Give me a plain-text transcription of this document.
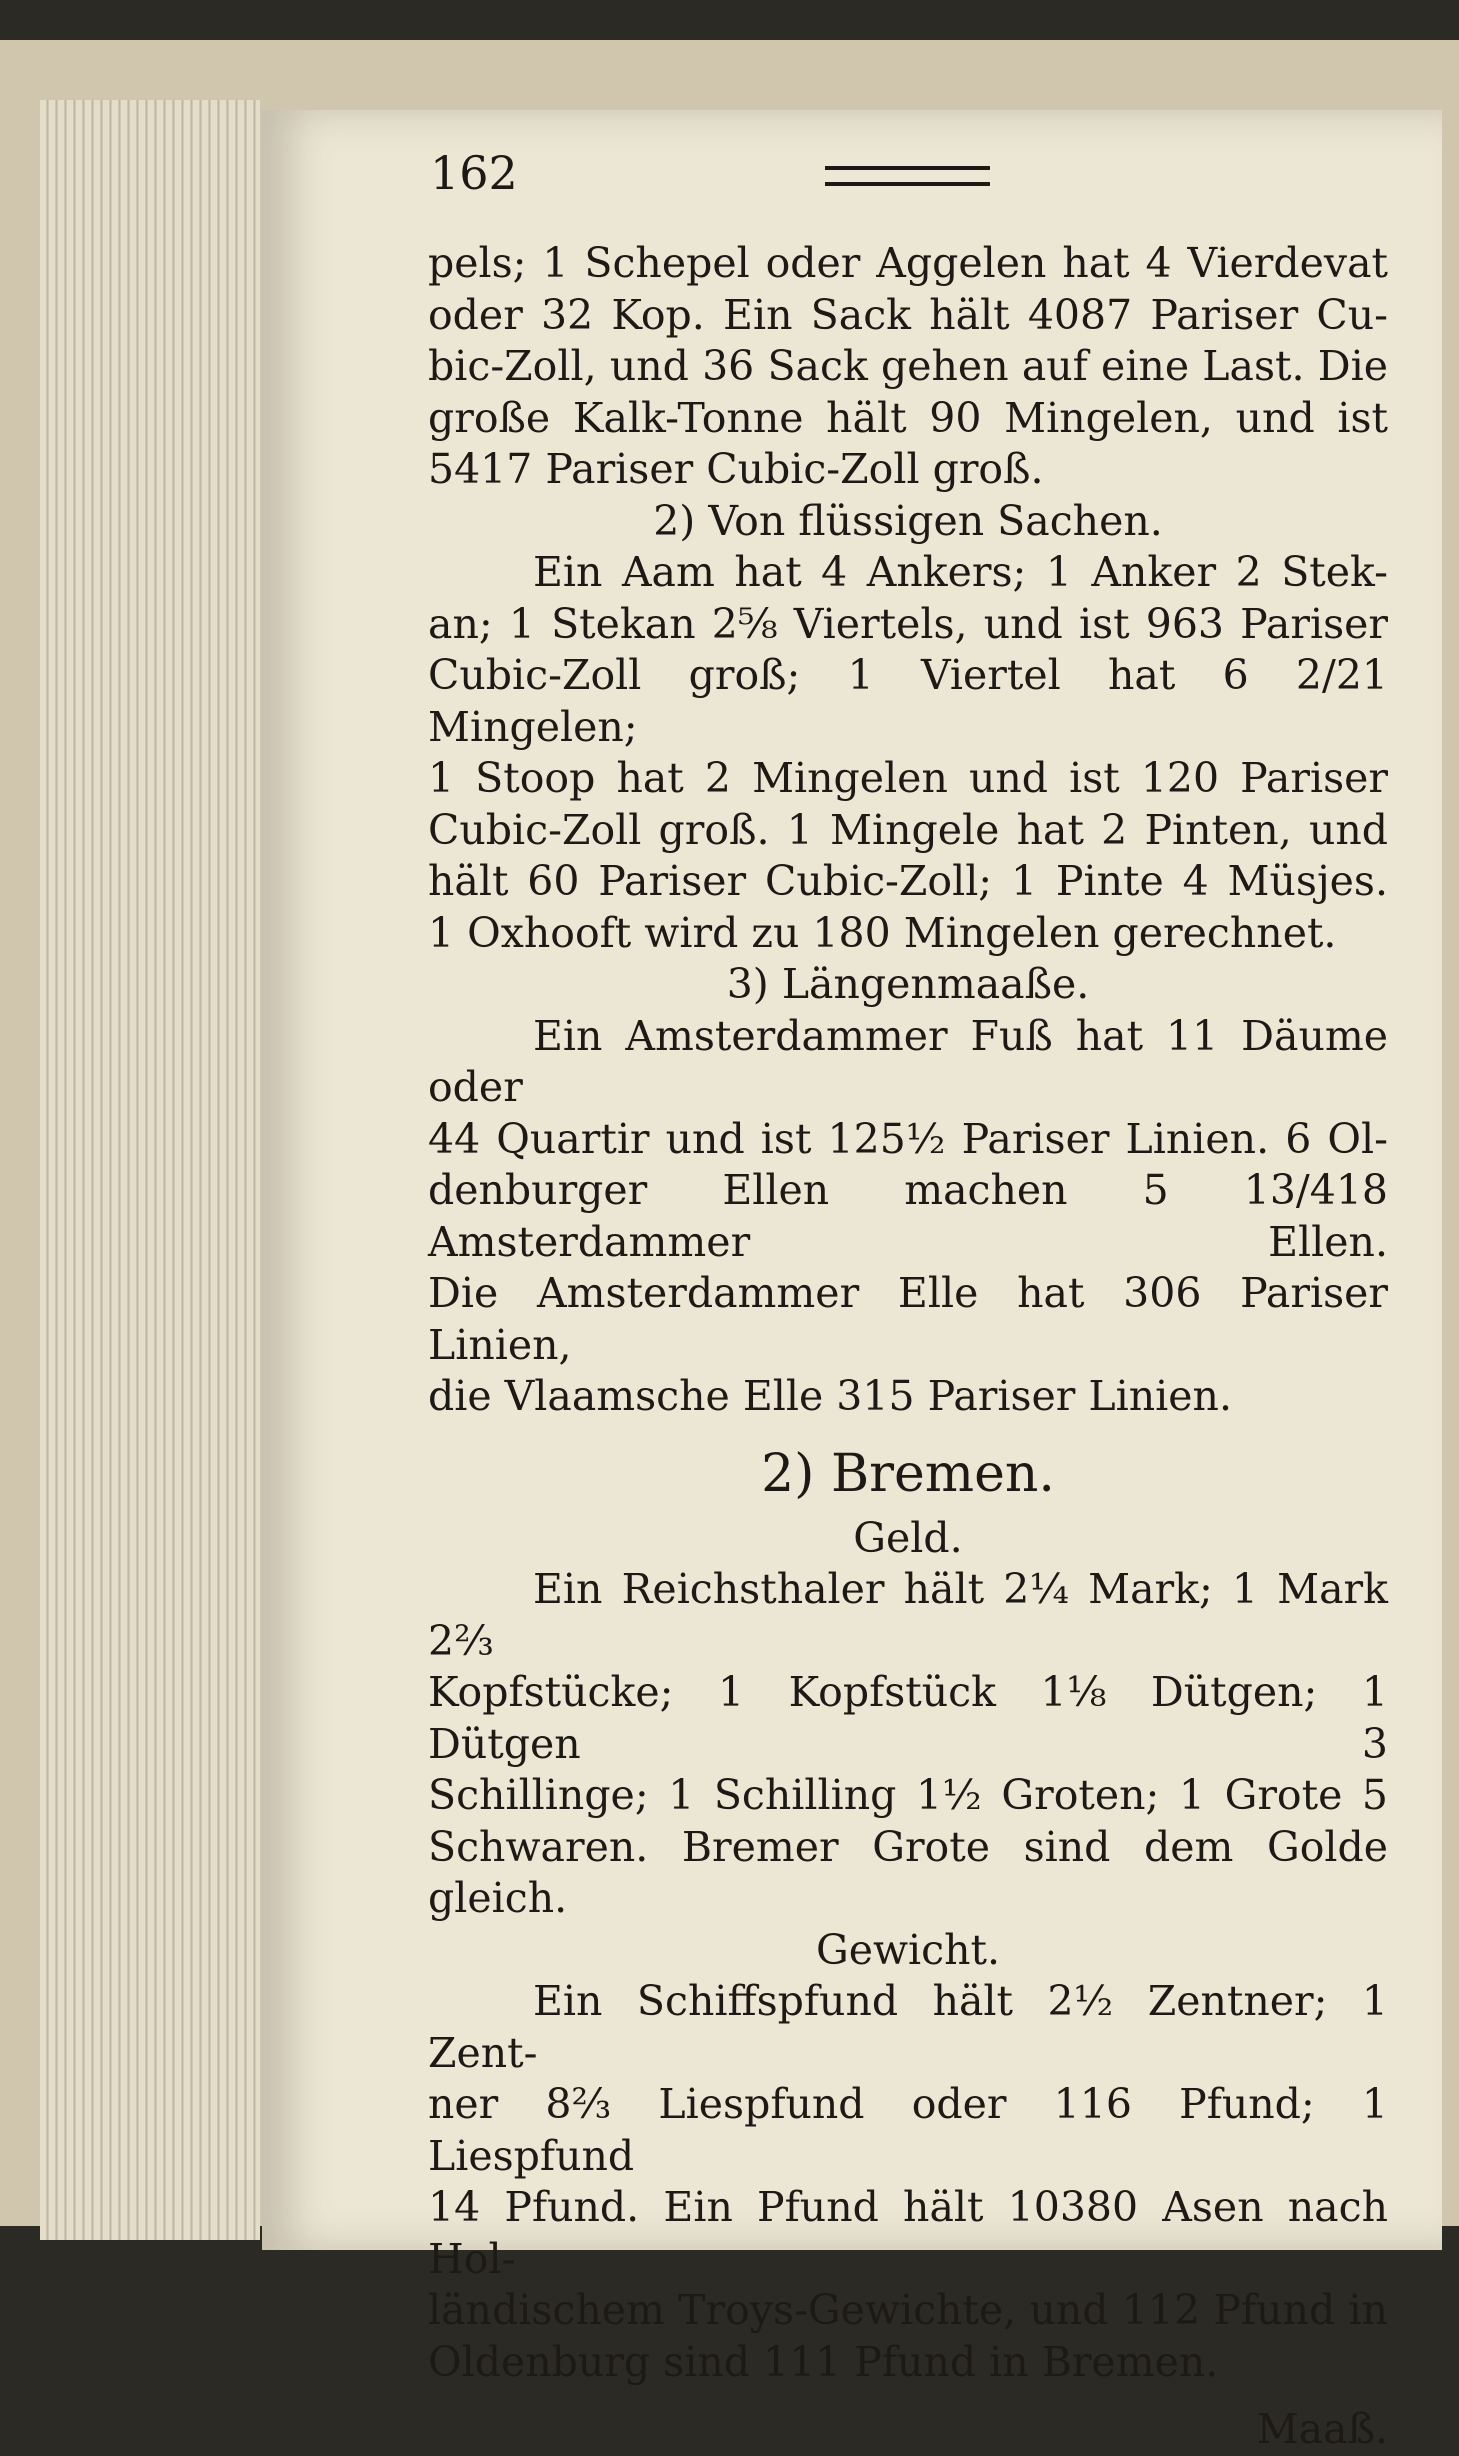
162

pels; 1 Schepel oder Aggelen hat 4 Vierdevat

oder 32 Kop. Ein Sack hält 4087 Pariser Cu-

bic-Zoll, und 36 Sack gehen auf eine Last. Die

große Kalk-Tonne hält 90 Mingelen, und ist

5417 Pariser Cubic-Zoll groß.

2) Von flüssigen Sachen.

Ein Aam hat 4 Ankers; 1 Anker 2 Stek-

an; 1 Stekan 2⅝ Viertels, und ist 963 Pariser

Cubic-Zoll groß; 1 Viertel hat 6 2/21 Mingelen;

1 Stoop hat 2 Mingelen und ist 120 Pariser

Cubic-Zoll groß. 1 Mingele hat 2 Pinten, und

hält 60 Pariser Cubic-Zoll; 1 Pinte 4 Müsjes.

1 Oxhooft wird zu 180 Mingelen gerechnet.

3) Längenmaaße.

Ein Amsterdammer Fuß hat 11 Däume oder

44 Quartir und ist 125½ Pariser Linien. 6 Ol-

denburger Ellen machen 5 13/418 Amsterdammer Ellen.

Die Amsterdammer Elle hat 306 Pariser Linien,

die Vlaamsche Elle 315 Pariser Linien.

2) Bremen.

Geld.

Ein Reichsthaler hält 2¼ Mark; 1 Mark 2⅔

Kopfstücke; 1 Kopfstück 1⅛ Dütgen; 1 Dütgen 3

Schillinge; 1 Schilling 1½ Groten; 1 Grote 5

Schwaren. Bremer Grote sind dem Golde gleich.

Gewicht.

Ein Schiffspfund hält 2½ Zentner; 1 Zent-

ner 8⅔ Liespfund oder 116 Pfund; 1 Liespfund

14 Pfund. Ein Pfund hält 10380 Asen nach Hol-

ländischem Troys-Gewichte, und 112 Pfund in

Oldenburg sind 111 Pfund in Bremen.

Maaß.
